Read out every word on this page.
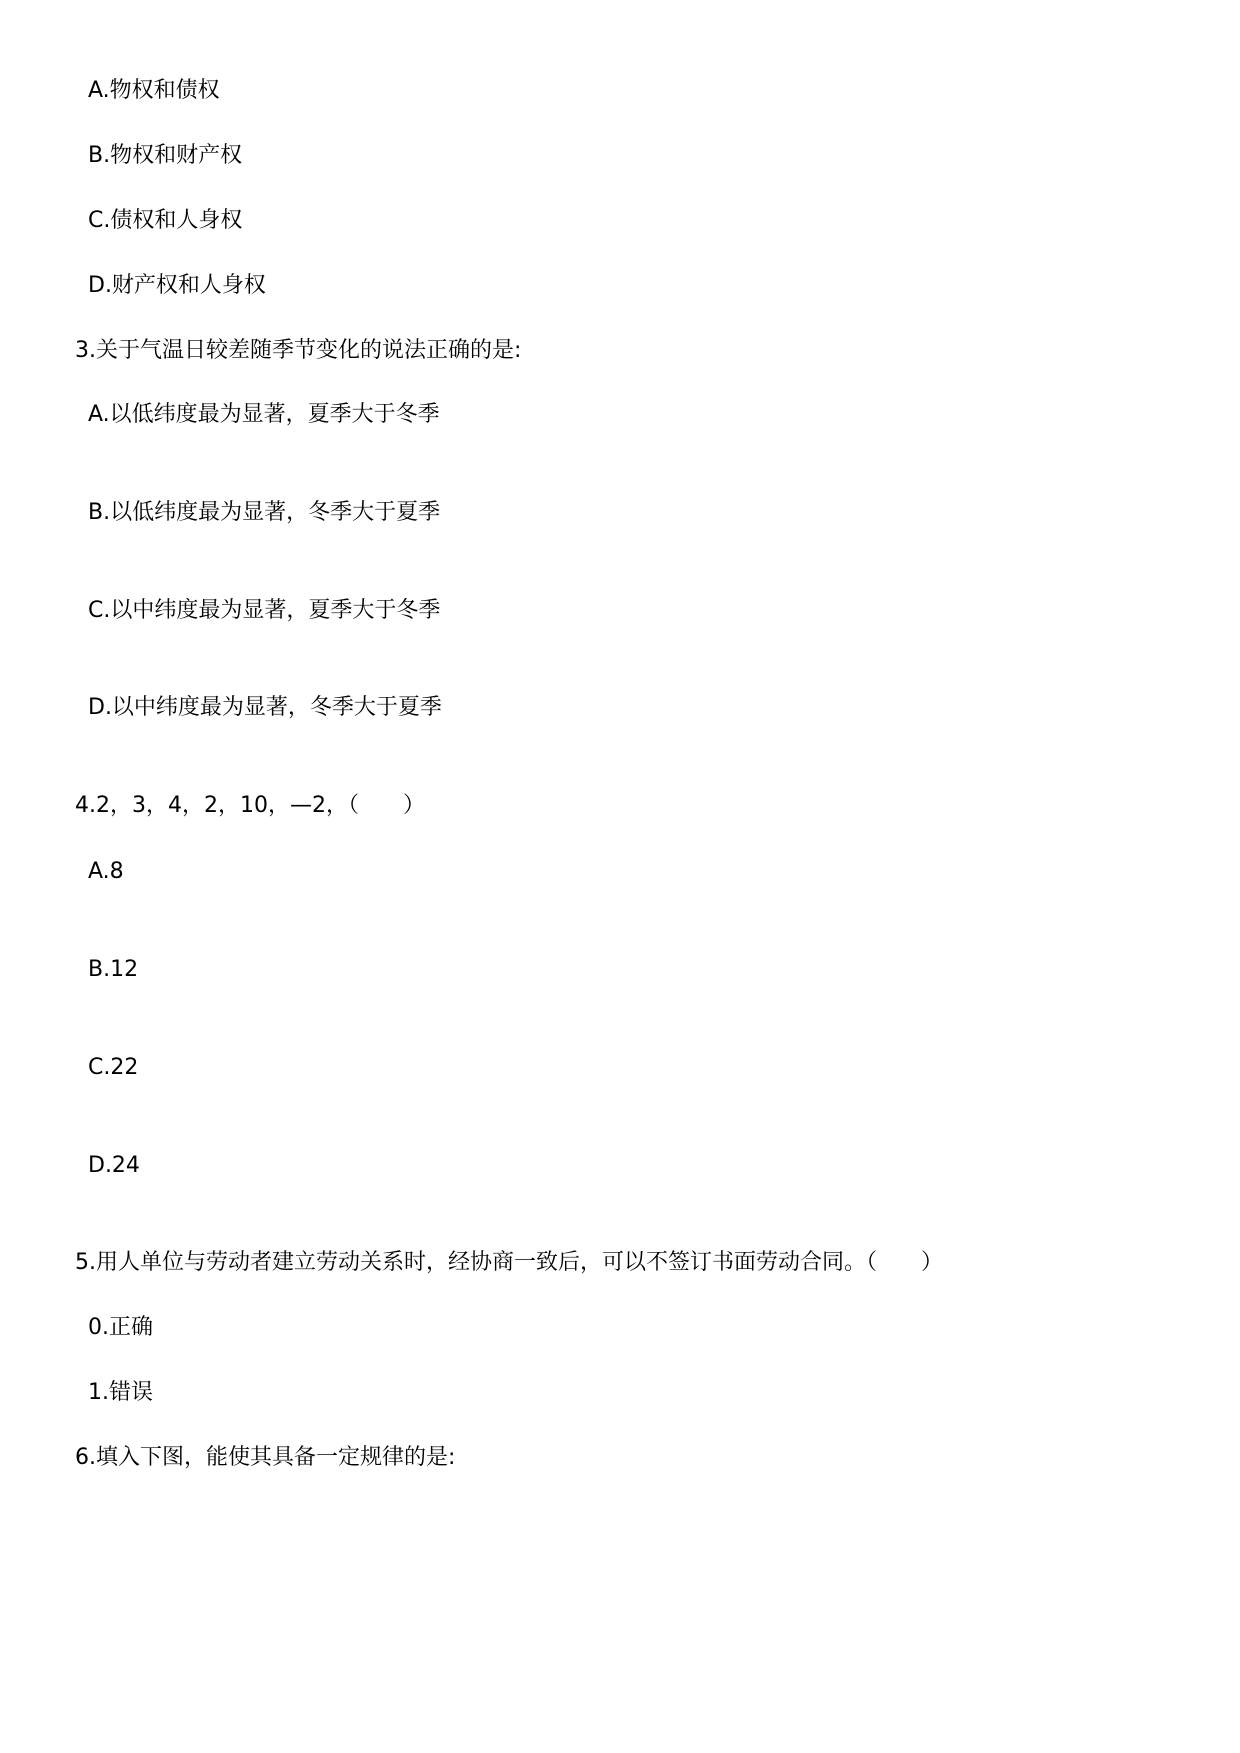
A.物权和债权
B.物权和财产权
C.债权和人身权
D.财产权和人身权
3.关于气温日较差随季节变化的说法正确的是:
A.以低纬度最为显著，夏季大于冬季
B.以低纬度最为显著，冬季大于夏季
C.以中纬度最为显著，夏季大于冬季
D.以中纬度最为显著，冬季大于夏季
4.2，3，4，2，10，—2，（　　）
A.8
B.12
C.22
D.24
5.用人单位与劳动者建立劳动关系时，经协商一致后，可以不签订书面劳动合同。（　　）
0.正确
1.错误
6.填入下图，能使其具备一定规律的是:
